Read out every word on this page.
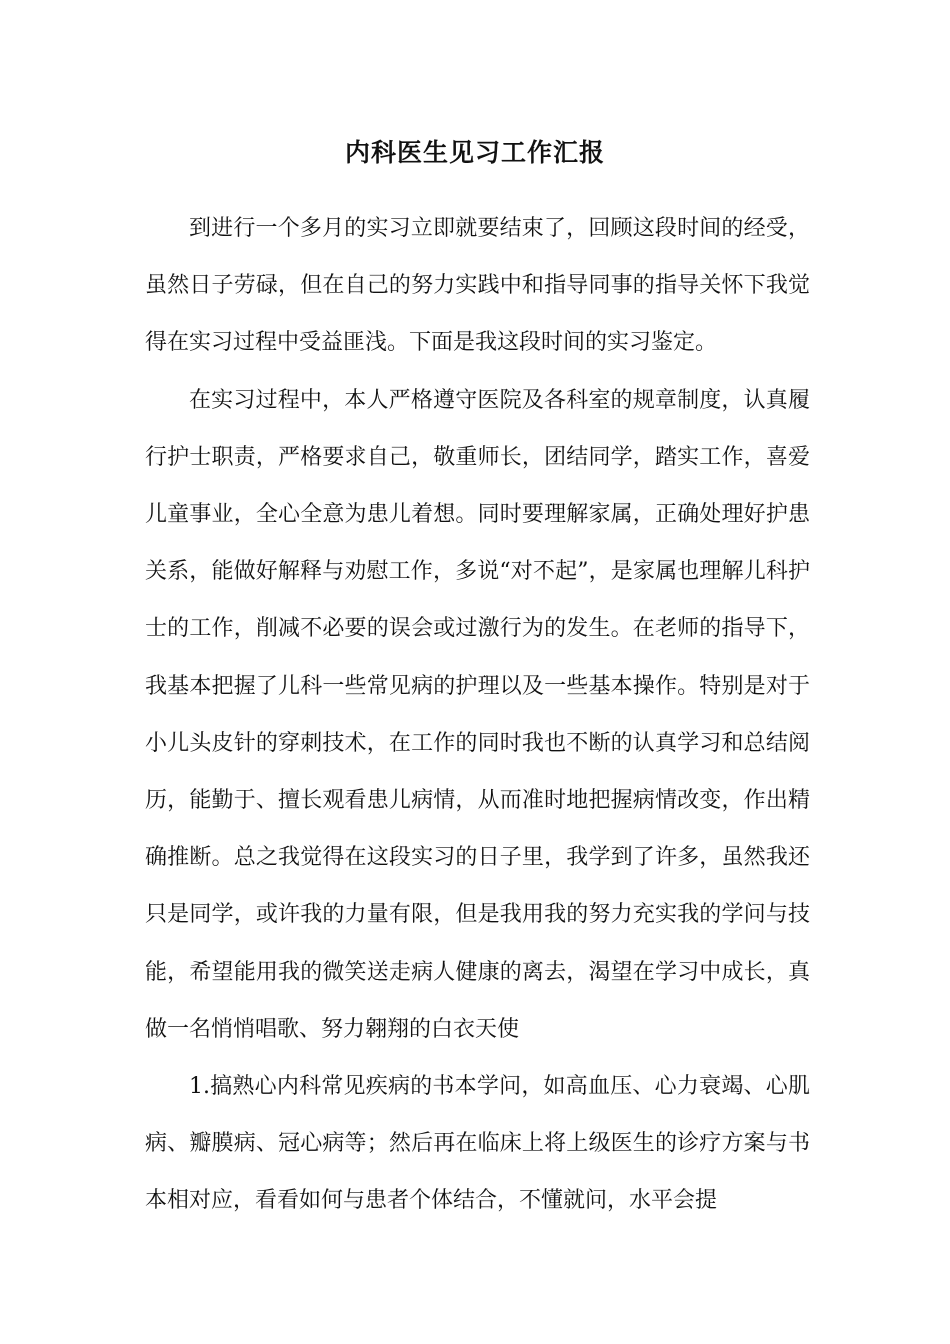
内科医生见习工作汇报

到进行一个多月的实习立即就要结束了，回顾这段时间的经受，虽然日子劳碌，但在自己的努力实践中和指导同事的指导关怀下我觉得在实习过程中受益匪浅。下面是我这段时间的实习鉴定。

在实习过程中，本人严格遵守医院及各科室的规章制度，认真履行护士职责，严格要求自己，敬重师长，团结同学，踏实工作，喜爱儿童事业，全心全意为患儿着想。同时要理解家属，正确处理好护患关系，能做好解释与劝慰工作，多说“对不起”，是家属也理解儿科护士的工作，削减不必要的误会或过激行为的发生。在老师的指导下，我基本把握了儿科一些常见病的护理以及一些基本操作。特别是对于小儿头皮针的穿刺技术，在工作的同时我也不断的认真学习和总结阅历，能勤于、擅长观看患儿病情，从而准时地把握病情改变，作出精确推断。总之我觉得在这段实习的日子里，我学到了许多，虽然我还只是同学，或许我的力量有限，但是我用我的努力充实我的学问与技能，希望能用我的微笑送走病人健康的离去，渴望在学习中成长，真做一名悄悄唱歌、努力翱翔的白衣天使

1.搞熟心内科常见疾病的书本学问，如高血压、心力衰竭、心肌病、瓣膜病、冠心病等；然后再在临床上将上级医生的诊疗方案与书本相对应，看看如何与患者个体结合，不懂就问，水平会提
